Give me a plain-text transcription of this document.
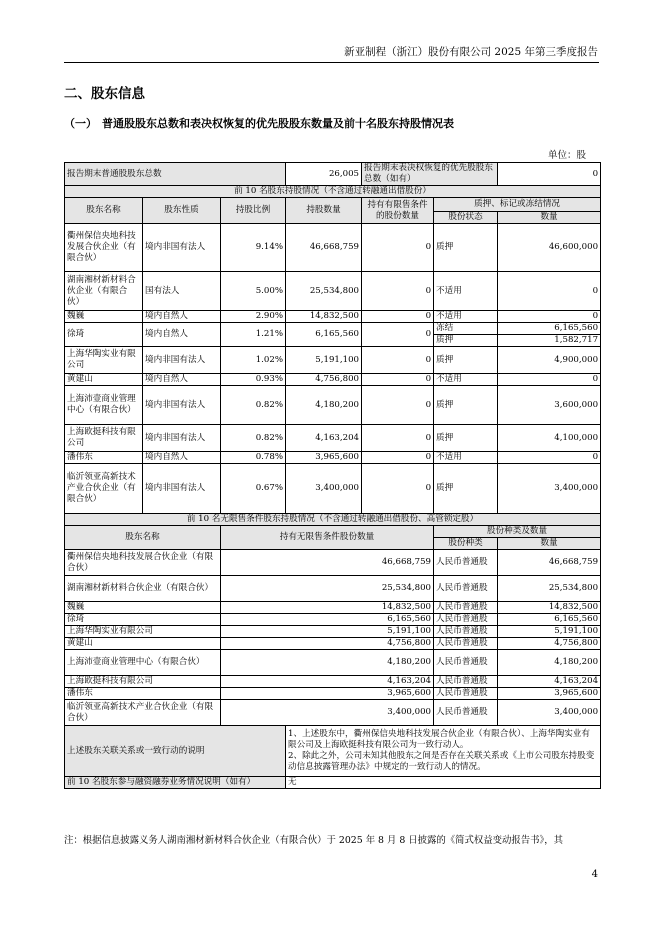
新亚制程（浙江）股份有限公司 2025 年第三季度报告
二、股东信息
（一） 普通股股东总数和表决权恢复的优先股股东数量及前十名股东持股情况表
单位：股
报告期末普通股股东总数			26,005	报告期末表决权恢复的优先股股东总数（如有）		0
前 10 名股东持股情况（不含通过转融通出借股份）						
股东名称	股东性质	持股比例	持股数量	持有有限售条件的股份数量	质押、标记或冻结情况	
					股份状态	数量
衢州保信央地科技发展合伙企业（有限合伙）	境内非国有法人	9.14%	46,668,759	0	质押	46,600,000
湖南湘材新材料合伙企业（有限合伙）	国有法人	5.00%	25,534,800	0	不适用	0
魏巍	境内自然人	2.90%	14,832,500	0	不适用	0
徐琦	境内自然人	1.21%	6,165,560	0	冻结	6,165,560
					质押	1,582,717
上海华陶实业有限公司	境内非国有法人	1.02%	5,191,100	0	质押	4,900,000
黄建山	境内自然人	0.93%	4,756,800	0	不适用	0
上海沛壹商业管理中心（有限合伙）	境内非国有法人	0.82%	4,180,200	0	质押	3,600,000
上海欧挺科技有限公司	境内非国有法人	0.82%	4,163,204	0	质押	4,100,000
潘伟东	境内自然人	0.78%	3,965,600	0	不适用	0
临沂领亚高新技术产业合伙企业（有限合伙）	境内非国有法人	0.67%	3,400,000	0	质押	3,400,000
前 10 名无限售条件股东持股情况（不含通过转融通出借股份、高管锁定股）						
股东名称		持有无限售条件股份数量			股份种类及数量	
					股份种类	数量
衢州保信央地科技发展合伙企业（有限合伙）		46,668,759			人民币普通股	46,668,759
湖南湘材新材料合伙企业（有限合伙）		25,534,800			人民币普通股	25,534,800
魏巍		14,832,500			人民币普通股	14,832,500
徐琦		6,165,560			人民币普通股	6,165,560
上海华陶实业有限公司		5,191,100			人民币普通股	5,191,100
黄建山		4,756,800			人民币普通股	4,756,800
上海沛壹商业管理中心（有限合伙）		4,180,200			人民币普通股	4,180,200
上海欧挺科技有限公司		4,163,204			人民币普通股	4,163,204
潘伟东		3,965,600			人民币普通股	3,965,600
临沂领亚高新技术产业合伙企业（有限合伙）		3,400,000			人民币普通股	3,400,000
上述股东关联关系或一致行动的说明			1、上述股东中，衢州保信央地科技发展合伙企业（有限合伙）、上海华陶实业有限公司及上海欧挺科技有限公司为一致行动人。
2、除此之外，公司未知其他股东之间是否存在关联关系或《上市公司股东持股变动信息披露管理办法》中规定的一致行动人的情况。			

前 10 名股东参与融资融券业务情况说明（如有）			无			
注：根据信息披露义务人湖南湘材新材料合伙企业（有限合伙）于 2025 年 8 月 8 日披露的《简式权益变动报告书》，其
4
